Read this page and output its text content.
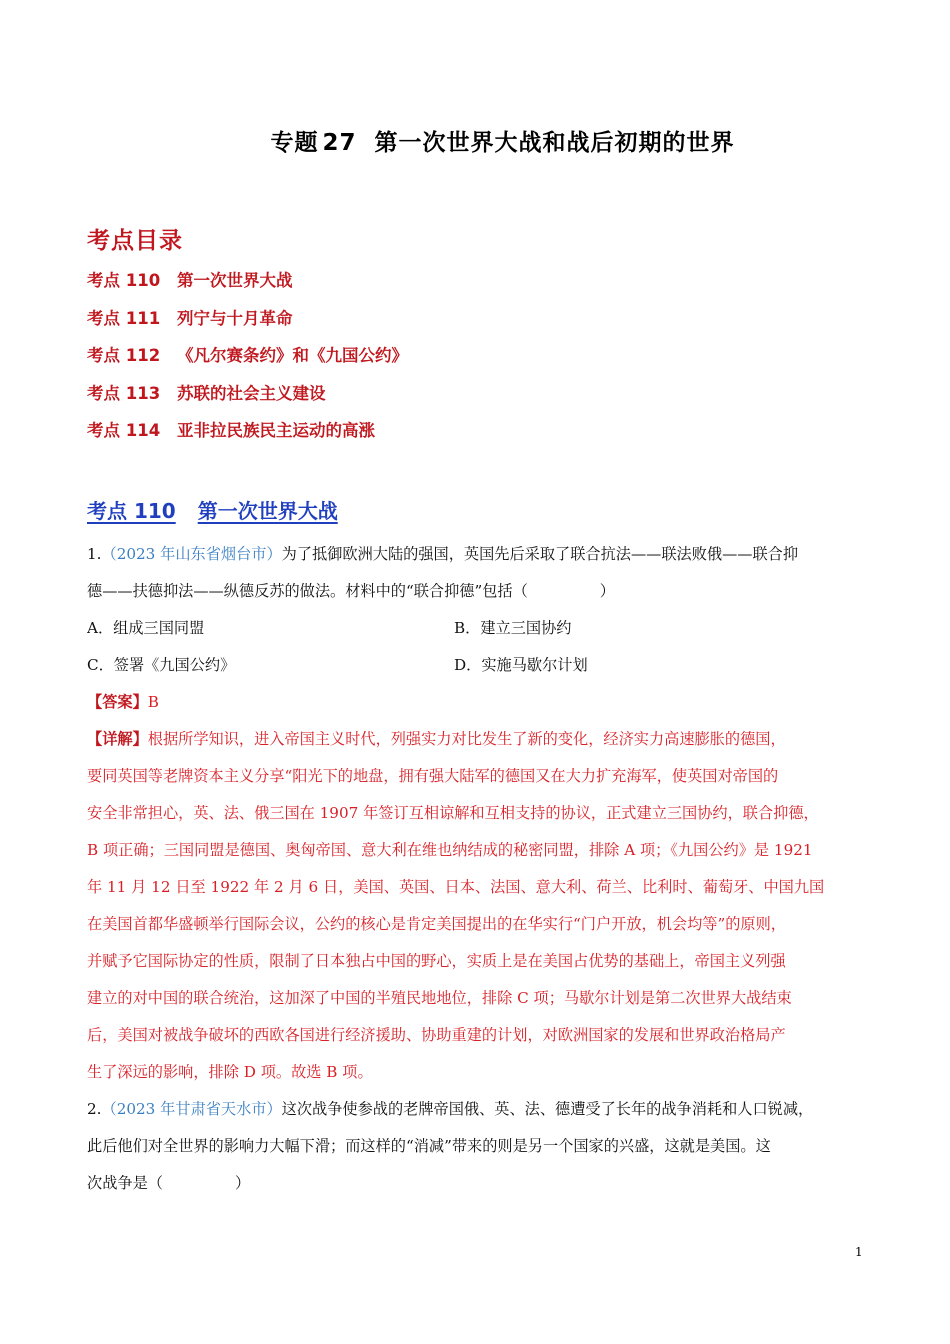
专题 27 第一次世界大战和战后初期的世界
考点目录
考点 110 第一次世界大战
考点 111 列宁与十月革命
考点 112 《凡尔赛条约》和《九国公约》
考点 113 苏联的社会主义建设
考点 114 亚非拉民族民主运动的高涨
考点 110 第一次世界大战
1.（2023 年山东省烟台市）为了抵御欧洲大陆的强国，英国先后采取了联合抗法——联法败俄——联合抑
德——扶德抑法——纵德反苏的做法。材料中的“联合抑德”包括（	）
A．组成三国同盟	B．建立三国协约
C．签署《九国公约》	D．实施马歇尔计划
【答案】B
【详解】根据所学知识，进入帝国主义时代，列强实力对比发生了新的变化，经济实力高速膨胀的德国，
要同英国等老牌资本主义分享“阳光下的地盘，拥有强大陆军的德国又在大力扩充海军，使英国对帝国的
安全非常担心，英、法、俄三国在 1907 年签订互相谅解和互相支持的协议，正式建立三国协约，联合抑德，
B 项正确；三国同盟是德国、奥匈帝国、意大利在维也纳结成的秘密同盟，排除 A 项；《九国公约》是 1921
年 11 月 12 日至 1922 年 2 月 6 日，美国、英国、日本、法国、意大利、荷兰、比利时、葡萄牙、中国九国
在美国首都华盛顿举行国际会议，公约的核心是肯定美国提出的在华实行“门户开放，机会均等”的原则，
并赋予它国际协定的性质，限制了日本独占中国的野心，实质上是在美国占优势的基础上，帝国主义列强
建立的对中国的联合统治，这加深了中国的半殖民地地位，排除 C 项；马歇尔计划是第二次世界大战结束
后，美国对被战争破坏的西欧各国进行经济援助、协助重建的计划，对欧洲国家的发展和世界政治格局产
生了深远的影响，排除 D 项。故选 B 项。
2.（2023 年甘肃省天水市）这次战争使参战的老牌帝国俄、英、法、德遭受了长年的战争消耗和人口锐减，
此后他们对全世界的影响力大幅下滑；而这样的“消减”带来的则是另一个国家的兴盛，这就是美国。这
次战争是（	）
1
